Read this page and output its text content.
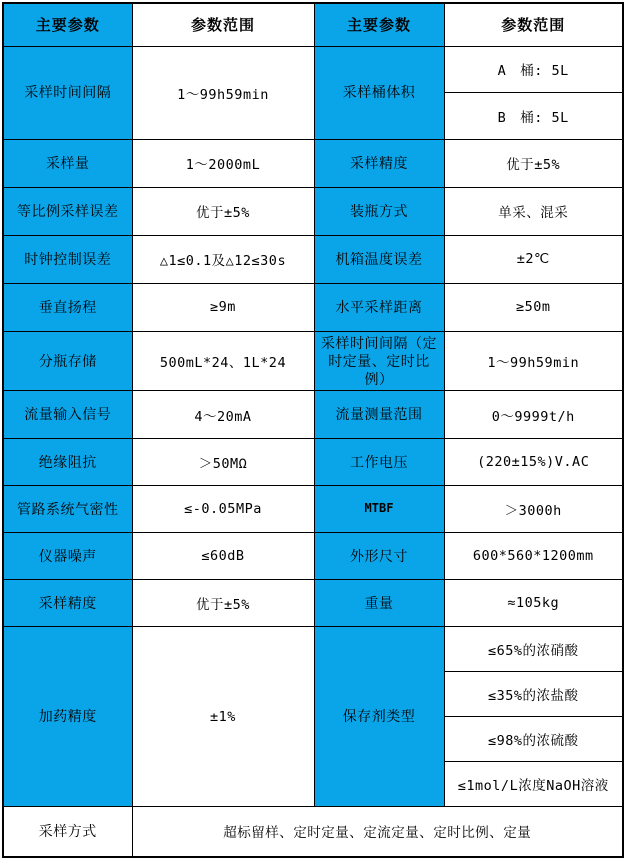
主要参数	参数范围	主要参数	参数范围
采样时间间隔	1～99h59min	采样桶体积	A　桶: 5L
			B　桶: 5L
采样量	1～2000mL	采样精度	优于±5%
等比例采样误差	优于±5%	装瓶方式	单采、混采
时钟控制误差	△1≤0.1及△12≤30s	机箱温度误差	±2℃
垂直扬程	≥9m	水平采样距离	≥50m
分瓶存储	500mL*24、1L*24	采样时间间隔（定时定量、定时比例）	1～99h59min
流量输入信号	4～20mA	流量测量范围	0～9999t/h
绝缘阻抗	＞50MΩ	工作电压	(220±15%)V.AC
管路系统气密性	≤-0.05MPa	MTBF	＞3000h
仪器噪声	≤60dB	外形尺寸	600*560*1200mm
采样精度	优于±5%	重量	≈105kg
加药精度	±1%	保存剂类型	≤65%的浓硝酸
			≤35%的浓盐酸
			≤98%的浓硫酸
			≤1mol/L浓度NaOH溶液
采样方式	超标留样、定时定量、定流定量、定时比例、定量		
